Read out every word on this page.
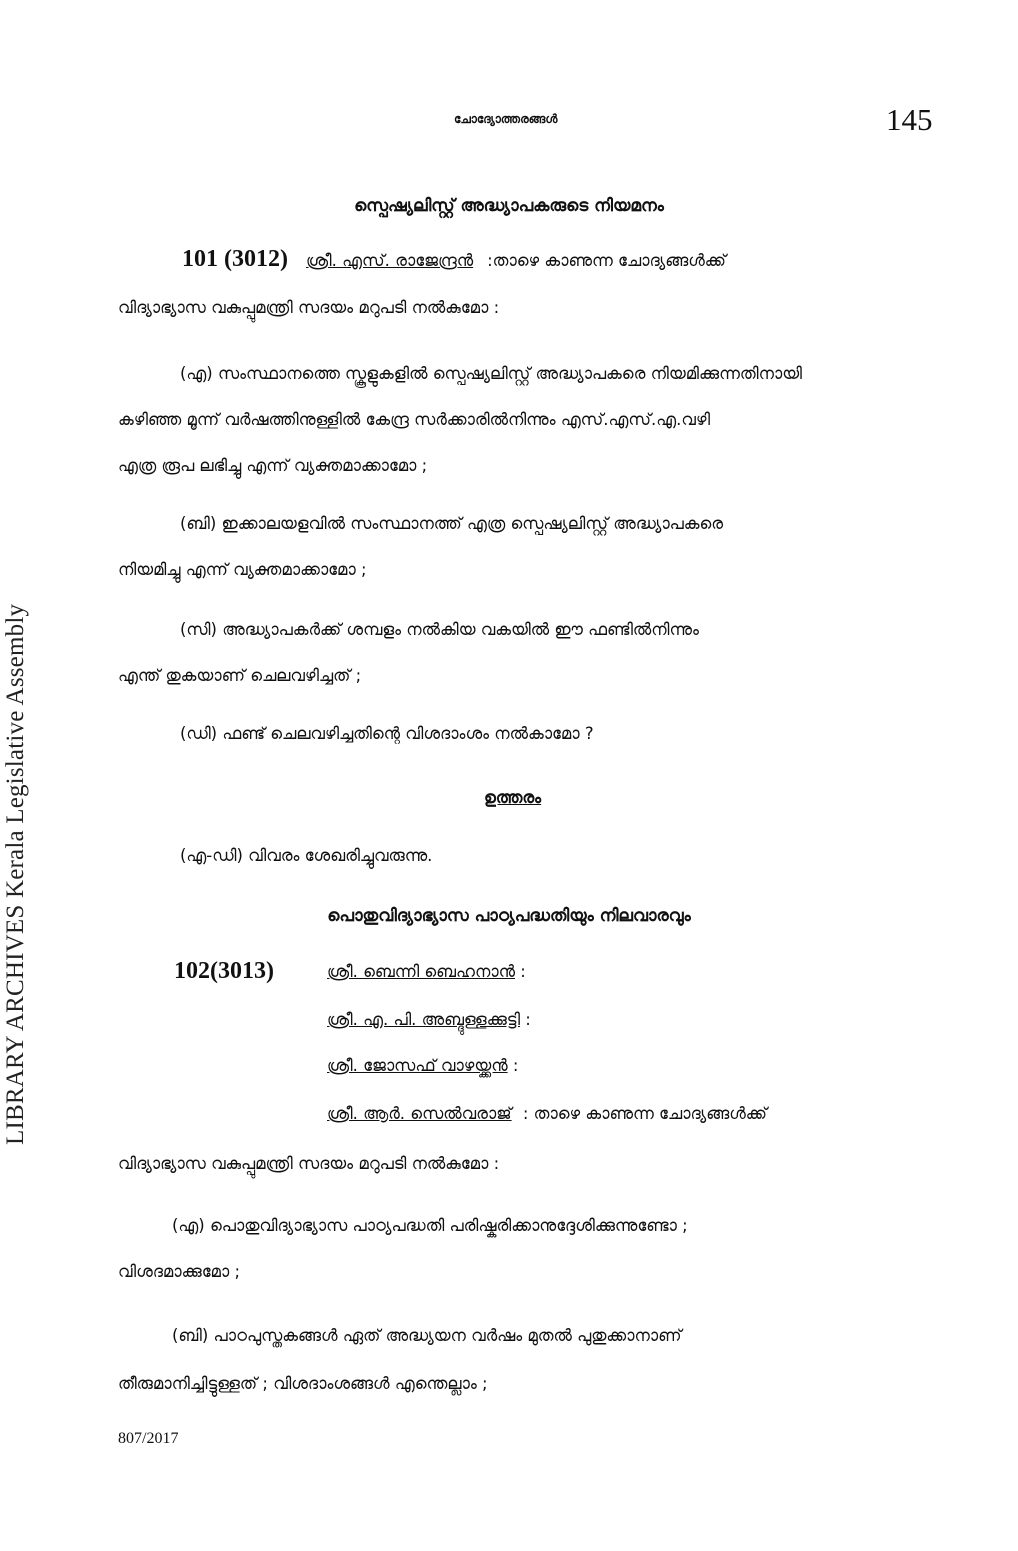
LIBRARY ARCHIVES Kerala Legislative Assembly
ചോദ്യോത്തരങ്ങൾ	145
സ്പെഷ്യലിസ്റ്റ് അദ്ധ്യാപകരുടെ നിയമനം
101 (3012) ശ്രീ. എസ്. രാജേന്ദ്രൻ :താഴെ കാണുന്ന ചോദ്യങ്ങൾക്ക്
വിദ്യാഭ്യാസ വകുപ്പുമന്ത്രി സദയം മറുപടി നൽകുമോ :
(എ) സംസ്ഥാനത്തെ സ്കൂളുകളിൽ സ്പെഷ്യലിസ്റ്റ് അദ്ധ്യാപകരെ നിയമിക്കുന്നതിനായി
കഴിഞ്ഞ മൂന്ന് വർഷത്തിനുള്ളിൽ കേന്ദ്ര സർക്കാരിൽനിന്നും എസ്.എസ്.എ.വഴി
എത്ര രൂപ ലഭിച്ചു എന്ന് വ്യക്തമാക്കാമോ ;
(ബി) ഇക്കാലയളവിൽ സംസ്ഥാനത്ത് എത്ര സ്പെഷ്യലിസ്റ്റ് അദ്ധ്യാപകരെ
നിയമിച്ചു എന്ന് വ്യക്തമാക്കാമോ ;
(സി) അദ്ധ്യാപകർക്ക് ശമ്പളം നൽകിയ വകയിൽ ഈ ഫണ്ടിൽനിന്നും
എന്ത് തുകയാണ് ചെലവഴിച്ചത് ;
(ഡി) ഫണ്ട് ചെലവഴിച്ചതിന്റെ വിശദാംശം നൽകാമോ ?
ഉത്തരം
(എ-ഡി) വിവരം ശേഖരിച്ചുവരുന്നു.
പൊതുവിദ്യാഭ്യാസ പാഠ്യപദ്ധതിയും നിലവാരവും
102(3013)	ശ്രീ. ബെന്നി ബെഹനാൻ :
ശ്രീ. എ. പി. അബ്ദുള്ളക്കുട്ടി :
ശ്രീ. ജോസഫ് വാഴയ്ക്കൻ :
ശ്രീ. ആർ. സെൽവരാജ് : താഴെ കാണുന്ന ചോദ്യങ്ങൾക്ക്
വിദ്യാഭ്യാസ വകുപ്പുമന്ത്രി സദയം മറുപടി നൽകുമോ :
(എ) പൊതുവിദ്യാഭ്യാസ പാഠ്യപദ്ധതി പരിഷ്കരിക്കാനുദ്ദേശിക്കുന്നുണ്ടോ ;
വിശദമാക്കുമോ ;
(ബി) പാഠപുസ്തകങ്ങൾ ഏത് അദ്ധ്യയന വർഷം മുതൽ പുതുക്കാനാണ്
തീരുമാനിച്ചിട്ടുള്ളത് ; വിശദാംശങ്ങൾ എന്തെല്ലാം ;
807/2017
